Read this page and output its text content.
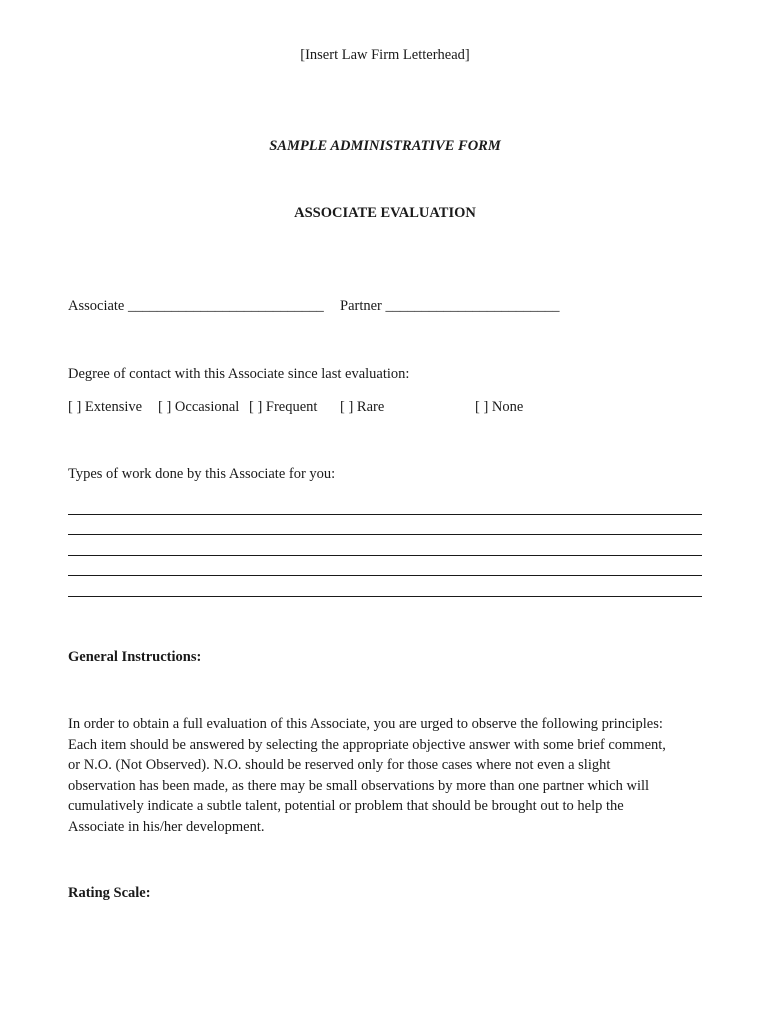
[Insert Law Firm Letterhead]
SAMPLE ADMINISTRATIVE FORM
ASSOCIATE EVALUATION
Associate ___________________________ Partner ________________________
Degree of contact with this Associate since last evaluation:
[ ] Extensive [ ] Occasional [ ] Frequent [ ] Rare	[ ] None
Types of work done by this Associate for you:
General Instructions:
In order to obtain a full evaluation of this Associate, you are urged to observe the following principles:
Each item should be answered by selecting the appropriate objective answer with some brief comment,
or N.O. (Not Observed). N.O. should be reserved only for those cases where not even a slight
observation has been made, as there may be small observations by more than one partner which will
cumulatively indicate a subtle talent, potential or problem that should be brought out to help the
Associate in his/her development.
Rating Scale:
